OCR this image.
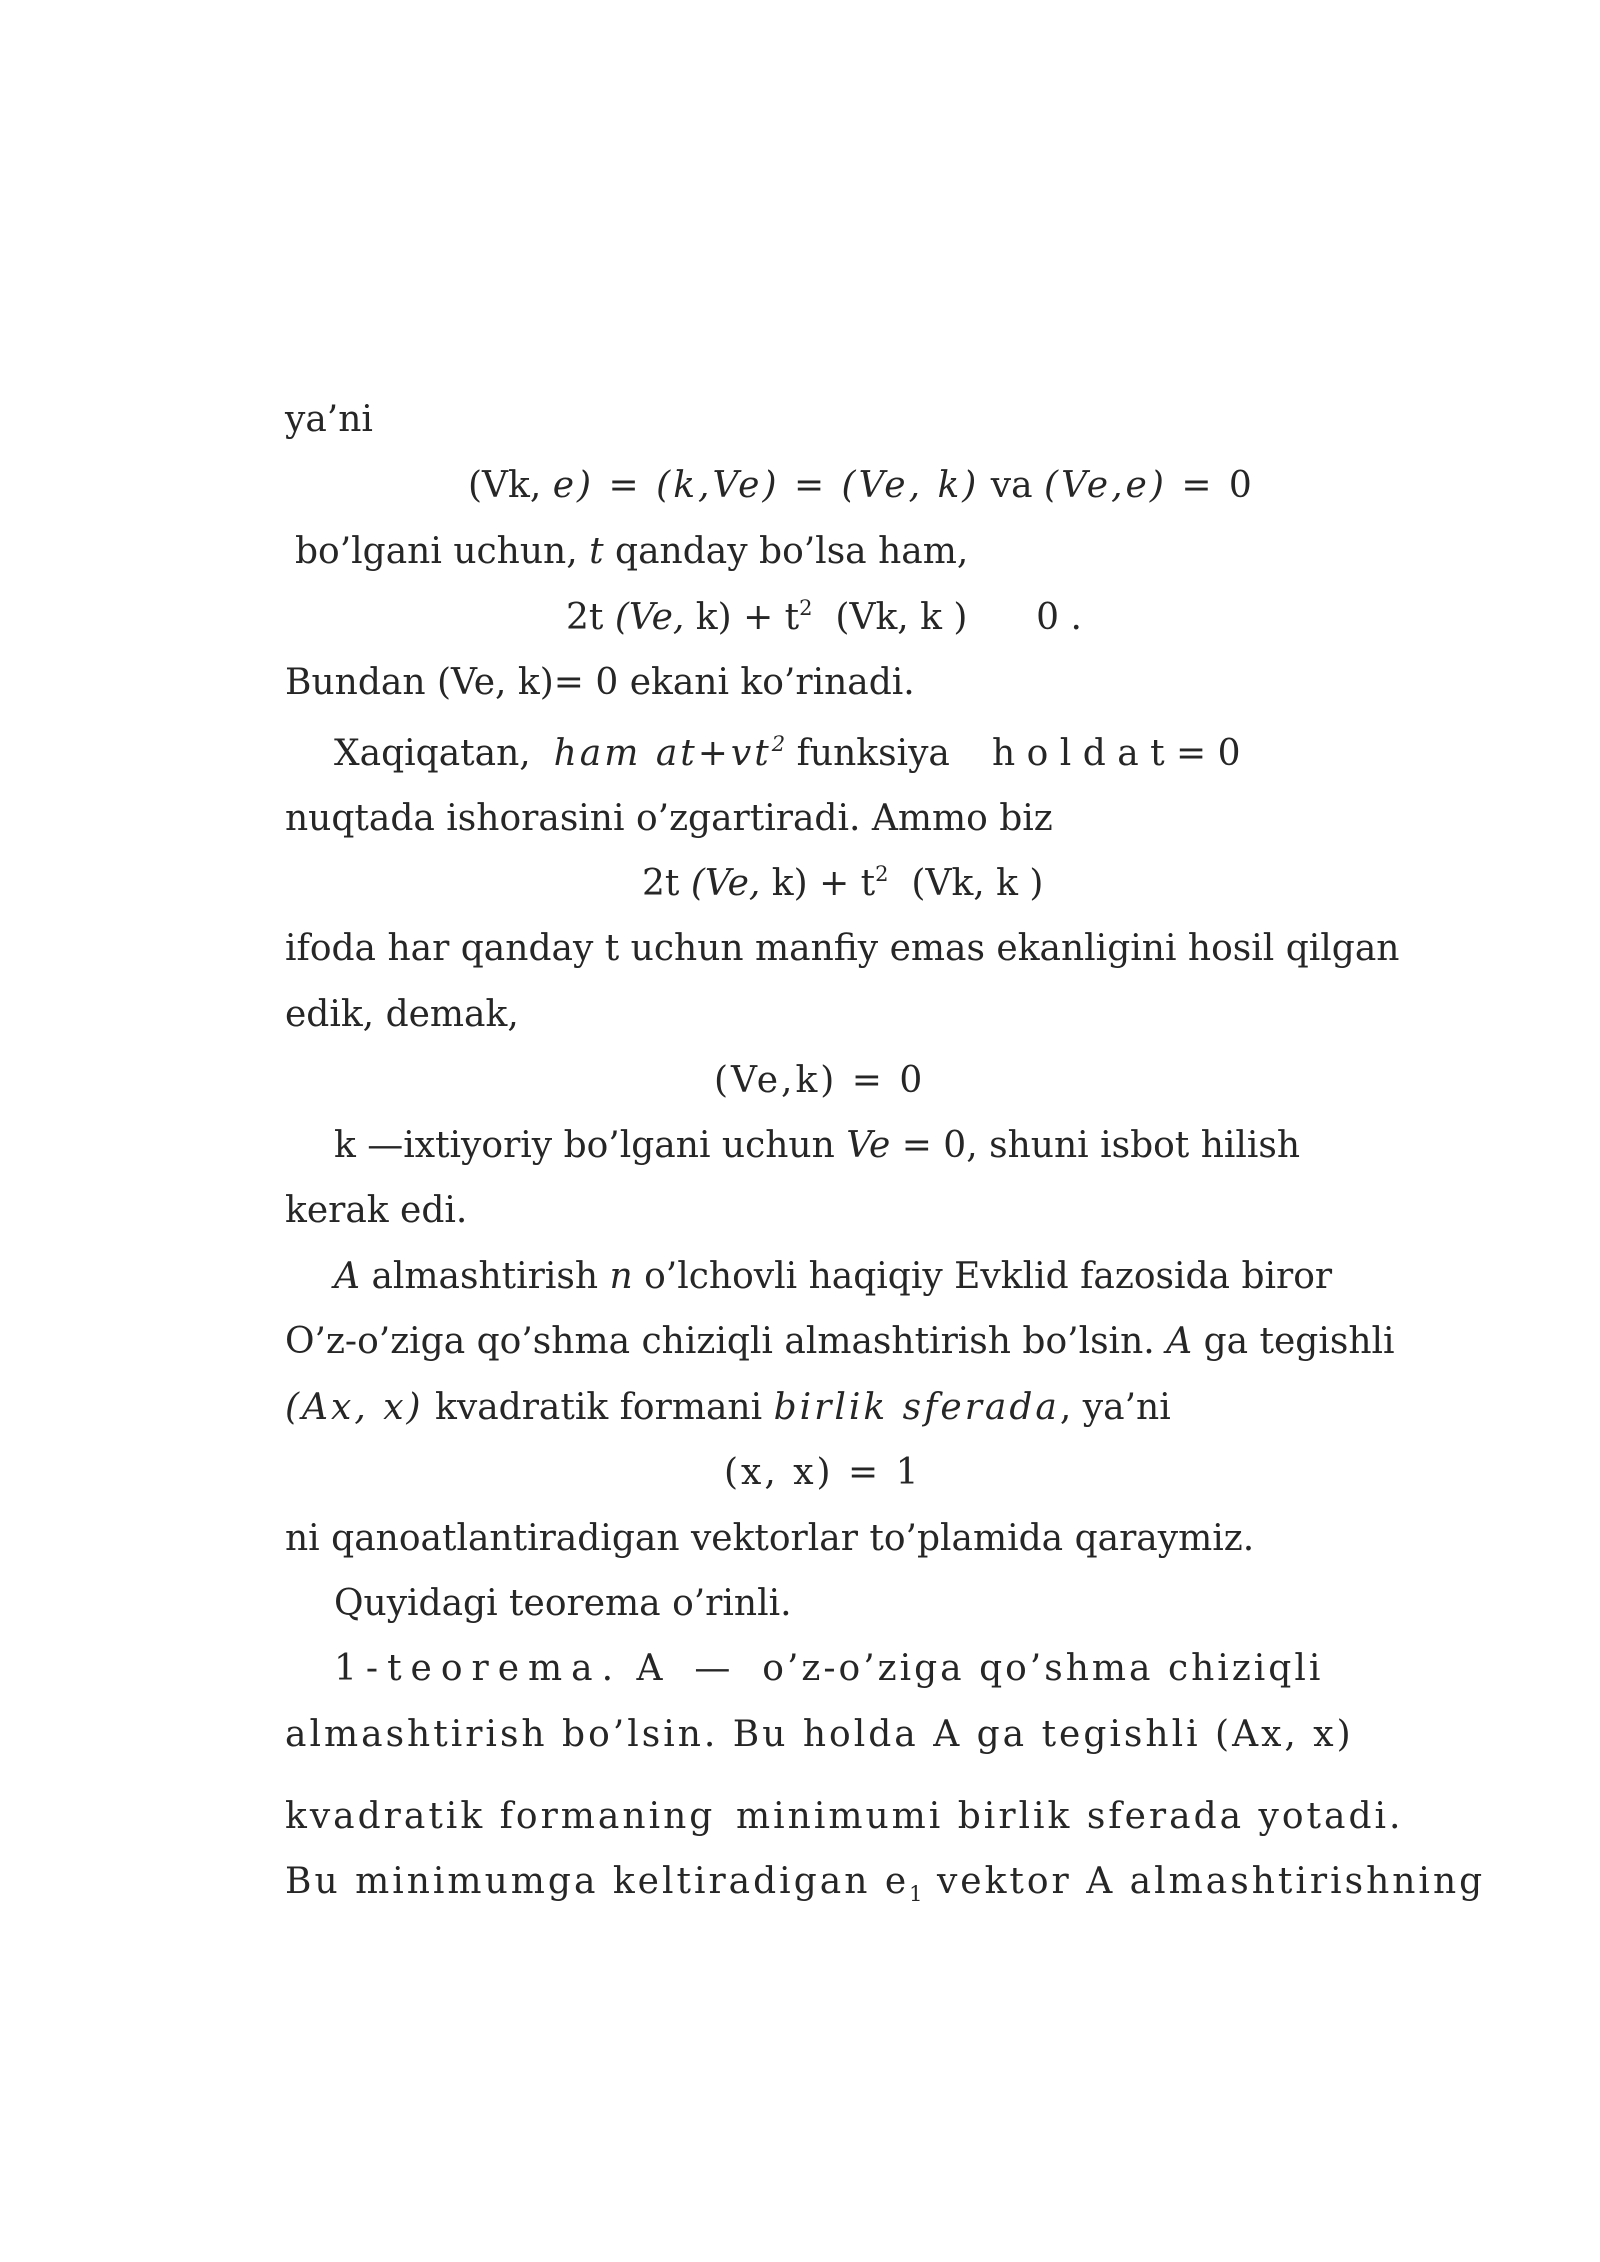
ya’ni

(Vk, e) = (k,Ve) = (Ve, k) va (Ve,e) = 0

bo’lgani uchun, t qanday bo’lsa ham,

2t (Ve, $k) + t^2$  (Vk, k )      0 .

Bundan (Ve, k)= 0 ekani ko’rinadi.

Xaqiqatan,  ham $at+vt^2$ funksiya h o l d a t = 0

nuqtada ishorasini o’zgartiradi. Ammo biz

2t (Ve, $k) + t^2$  (Vk, k )

ifoda har qanday t uchun manfiy emas ekanligini hosil qilgan

edik, demak,

(Ve,k) = 0

k —ixtiyoriy bo’lgani uchun Ve = 0, shuni isbot hilish

kerak edi.

A almashtirish n o’lchovli haqiqiy Evklid fazosida biror

O’z-o’ziga qo’shma chiziqli almashtirish bo’lsin. A ga tegishli

(Ax, x) kvadratik formani birlik sferada, ya’ni

(x, x) = 1

ni qanoatlantiradigan vektorlar to’plamida qaraymiz.

Quyidagi teorema o’rinli.

1-teorema. A  —  o’z-o’ziga qo’shma chiziqli

almashtirish bo’lsin. Bu holda A ga tegishli (Ax, x)

kvadratik formaning minimumi birlik sferada yotadi.

Bu minimumga keltiradigan $e_1$ vektor A almashtirishning
